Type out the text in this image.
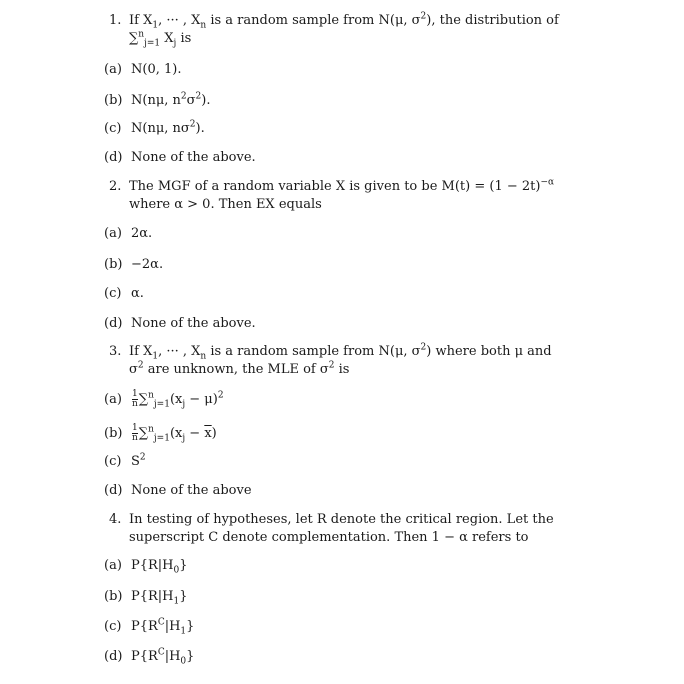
1. If $X_1$, ··· , $X_n$ is a random sample from N(μ, $\sigma^2$), the distribution of ∑$^n_{j=1}$ $X_j$ is
(a) N(0, 1).
(b) N(nμ, $n^2\sigma^2$).
(c) N(nμ, $n\sigma^2$).
(d) None of the above.
2. The MGF of a random variable X is given to be $M(t) = (1 - 2t)^{-\alpha}$ where α > 0. Then EX equals
(a) 2α.
(b) −2α.
(c) α.
(d) None of the above.
3. If $X_1$, ··· , $X_n$ is a random sample from N(μ, $\sigma^2$) where both μ and $\sigma^2$ are unknown, the MLE of $\sigma^2$ is
$(a) \frac{1}{n} \sum^n_{j=1}(x_j - \mu)^2$
$(b) \frac{1}{n} \sum^n_{j=1}(x_j - \overline{x})$
(c) $S^2$
(d) None of the above
4. In testing of hypotheses, let R denote the critical region. Let the superscript C denote complementation. Then 1 − α refers to
(a) $P\{R|H_0\}$
(b) $P\{R|H_1\}$
(c) $P\{R^C|H_1\}$
(d) $P\{R^C|H_0\}$
